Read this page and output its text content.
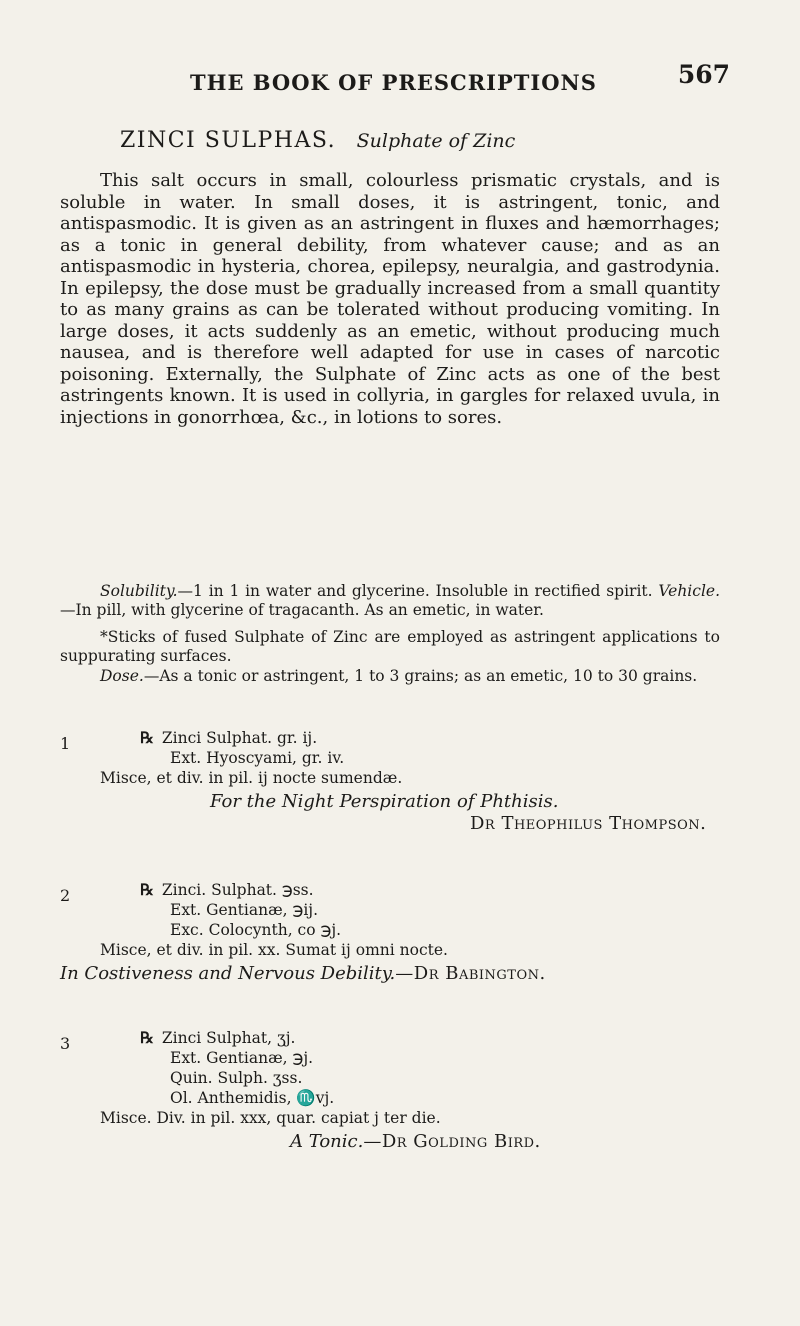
THE BOOK OF PRESCRIPTIONS	567
ZINCI SULPHAS. Sulphate of Zinc

This salt occurs in small, colourless prismatic crystals, and is soluble in water. In small doses, it is astringent, tonic, and antispasmodic. It is given as an astringent in fluxes and hæmorrhages; as a tonic in general debility, from whatever cause; and as an antispasmodic in hysteria, chorea, epilepsy, neuralgia, and gastrodynia. In epilepsy, the dose must be gradually increased from a small quantity to as many grains as can be tolerated without producing vomiting. In large doses, it acts suddenly as an emetic, without producing much nausea, and is therefore well adapted for use in cases of narcotic poisoning. Externally, the Sulphate of Zinc acts as one of the best astringents known. It is used in collyria, in gargles for relaxed uvula, in injections in gonorrhœa, &c., in lotions to sores.

Solubility.—1 in 1 in water and glycerine. Insoluble in rectified spirit. Vehicle.—In pill, with glycerine of tragacanth. As an emetic, in water.
*Sticks of fused Sulphate of Zinc are employed as astringent applications to suppurating surfaces.
Dose.—As a tonic or astringent, 1 to 3 grains; as an emetic, 10 to 30 grains.
1	℞ Zinci Sulphat. gr. ij.
Ext. Hyoscyami, gr. iv.
Misce, et div. in pil. ij nocte sumendæ.
For the Night Perspiration of Phthisis.
Dr Theophilus Thompson.
2	℞ Zinci. Sulphat. ℈ss.
Ext. Gentianæ, ℈ij.
Exc. Colocynth, co ℈j.
Misce, et div. in pil. xx. Sumat ij omni nocte.
In Costiveness and Nervous Debility.—Dr Babington.
3	℞ Zinci Sulphat, ʒj.
Ext. Gentianæ, ℈j.
Quin. Sulph. ʒss.
Ol. Anthemidis, ♏vj.
Misce. Div. in pil. xxx, quar. capiat j ter die.
A Tonic.—Dr Golding Bird.
